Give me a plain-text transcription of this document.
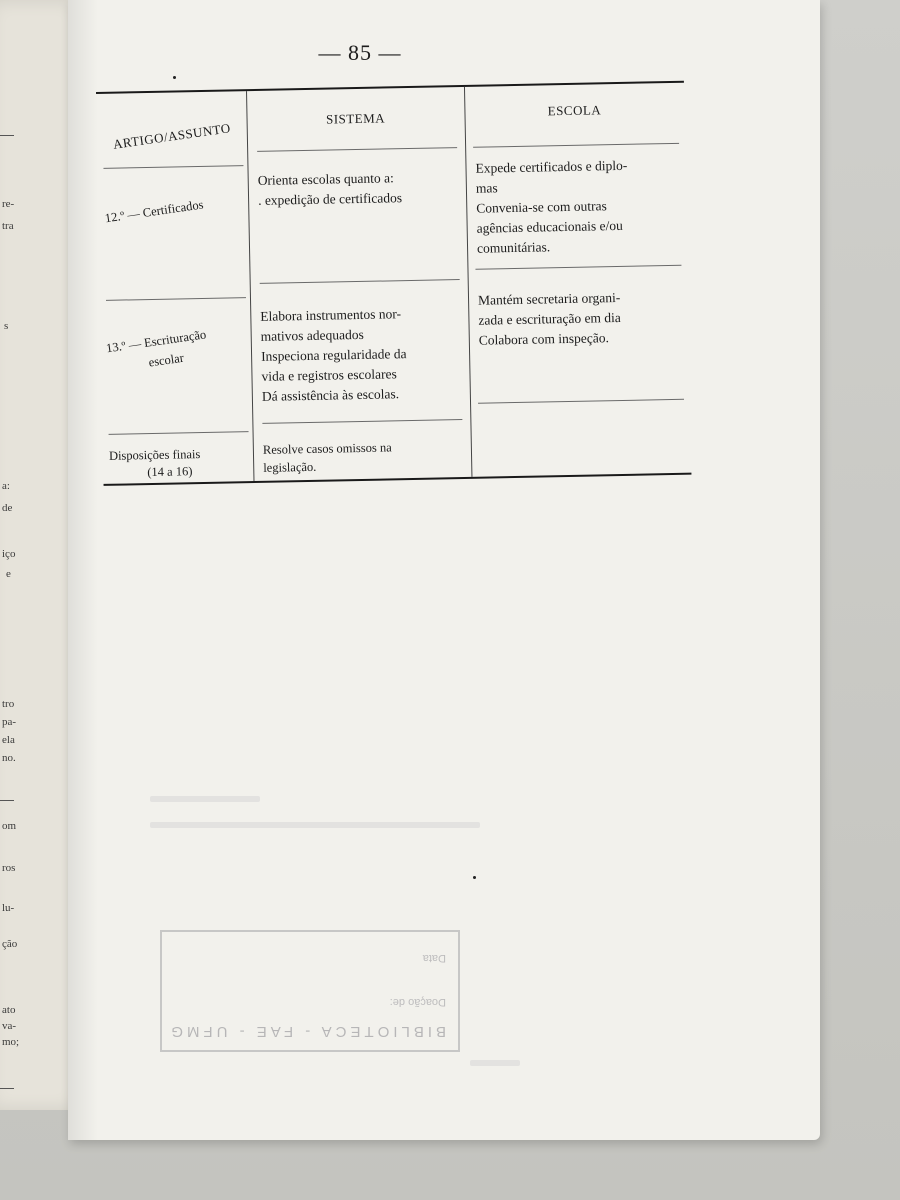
re-
tra
s
a:
de
iço
e
tro
pa-
ela
no.
om
ros
lu-
ção
ato
va-
mo;
— 85 —
ARTIGO/ASSUNTO
SISTEMA
ESCOLA
12.º — Certificados
Orienta escolas quanto a:
. expedição de certificados
Expede certificados e diplo-
mas
Convenia-se com outras
agências educacionais e/ou
comunitárias.
13.º — Escrituração
escolar
Elabora instrumentos nor-
mativos adequados
Inspeciona regularidade da
vida e registros escolares
Dá assistência às escolas.
Mantém secretaria organi-
zada e escrituração em dia
Colabora com inspeção.
Disposições finais
(14 a 16)
Resolve casos omissos na
legislação.
BIBLIOTECA - FAE - UFMG
Doação de:
Data
